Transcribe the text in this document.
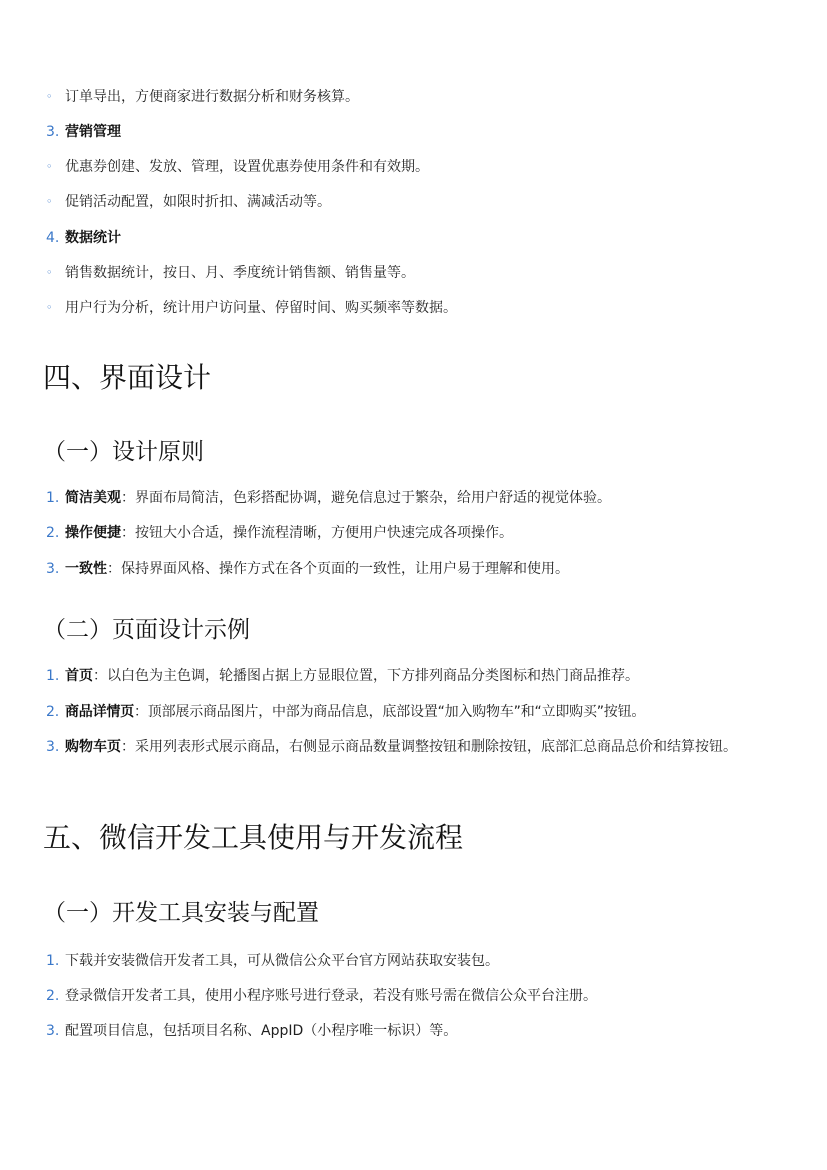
◦ 订单导出，方便商家进行数据分析和财务核算。
3. 营销管理
◦ 优惠券创建、发放、管理，设置优惠券使用条件和有效期。
◦ 促销活动配置，如限时折扣、满减活动等。
4. 数据统计
◦ 销售数据统计，按日、月、季度统计销售额、销售量等。
◦ 用户行为分析，统计用户访问量、停留时间、购买频率等数据。
四、界面设计
（一）设计原则
1. 简洁美观：界面布局简洁，色彩搭配协调，避免信息过于繁杂，给用户舒适的视觉体验。
2. 操作便捷：按钮大小合适，操作流程清晰，方便用户快速完成各项操作。
3. 一致性：保持界面风格、操作方式在各个页面的一致性，让用户易于理解和使用。
（二）页面设计示例
1. 首页：以白色为主色调，轮播图占据上方显眼位置，下方排列商品分类图标和热门商品推荐。
2. 商品详情页：顶部展示商品图片，中部为商品信息，底部设置“加入购物车”和“立即购买”按钮。
3. 购物车页：采用列表形式展示商品，右侧显示商品数量调整按钮和删除按钮，底部汇总商品总价和结算按钮。
五、微信开发工具使用与开发流程
（一）开发工具安装与配置
1. 下载并安装微信开发者工具，可从微信公众平台官方网站获取安装包。
2. 登录微信开发者工具，使用小程序账号进行登录，若没有账号需在微信公众平台注册。
3. 配置项目信息，包括项目名称、AppID（小程序唯一标识）等。
